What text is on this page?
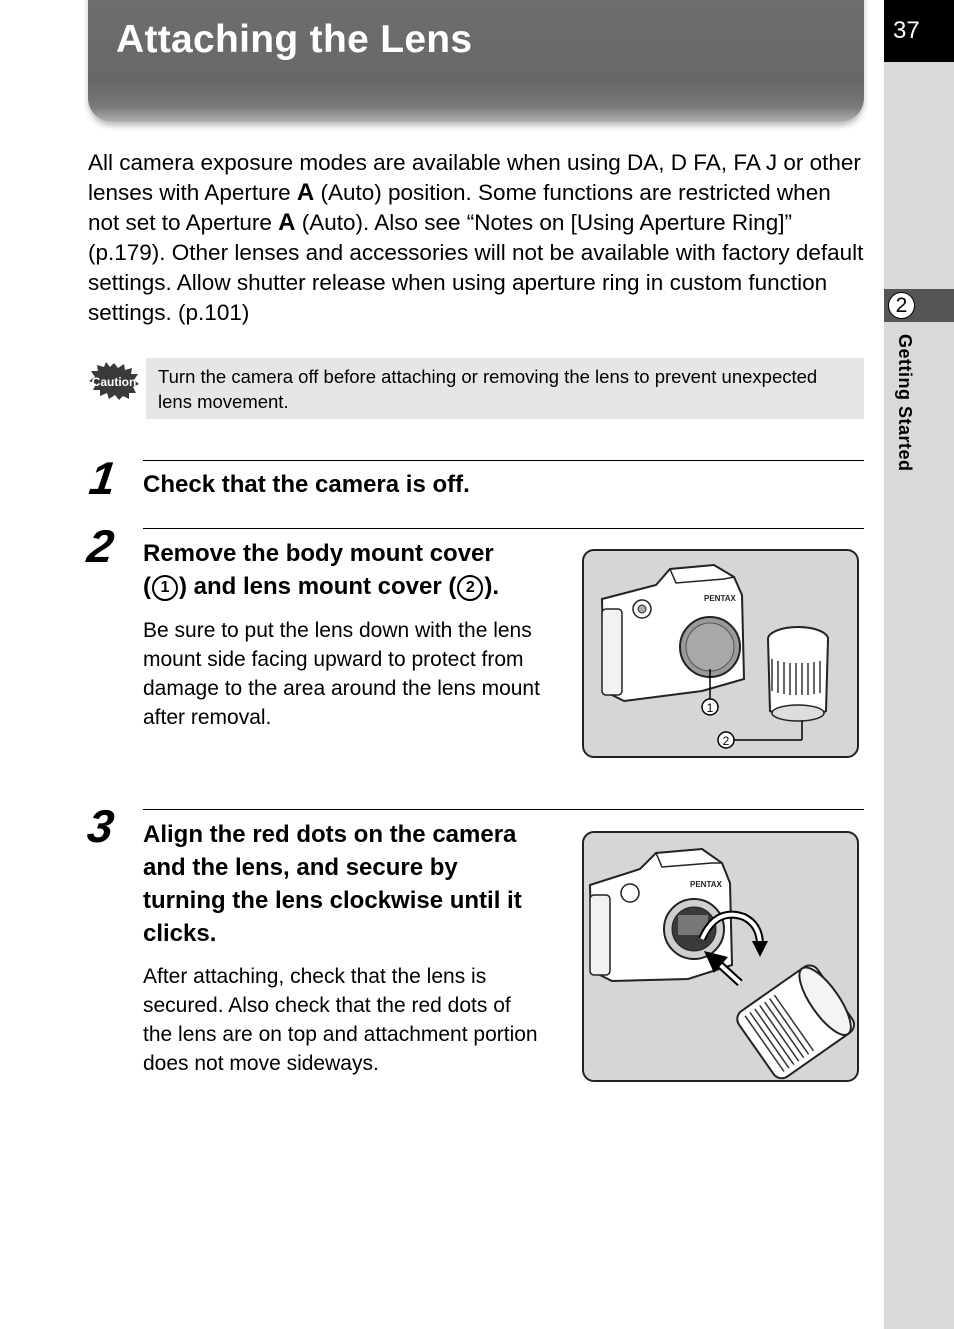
37
2
Getting Started
Attaching the Lens

All camera exposure modes are available when using DA, D FA, FA J or other lenses with Aperture A (Auto) position. Some functions are restricted when not set to Aperture A (Auto). Also see “Notes on [Using Aperture Ring]” (p.179). Other lenses and accessories will not be available with factory default settings. Allow shutter release when using aperture ring in custom function settings. (p.101)

Caution	Turn the camera off before attaching or removing the lens to prevent unexpected lens movement.
1 Check that the camera is off.
2 Remove the body mount cover
( 1 ) and lens mount cover ( 2 ).

Be sure to put the lens down with the lens mount side facing upward to protect from damage to the area around the lens mount after removal.

PENTAX
1
2
3 Align the red dots on the camera and the lens, and secure by turning the lens clockwise until it clicks.

After attaching, check that the lens is secured. Also check that the red dots of the lens are on top and attachment portion does not move sideways.

PENTAX
